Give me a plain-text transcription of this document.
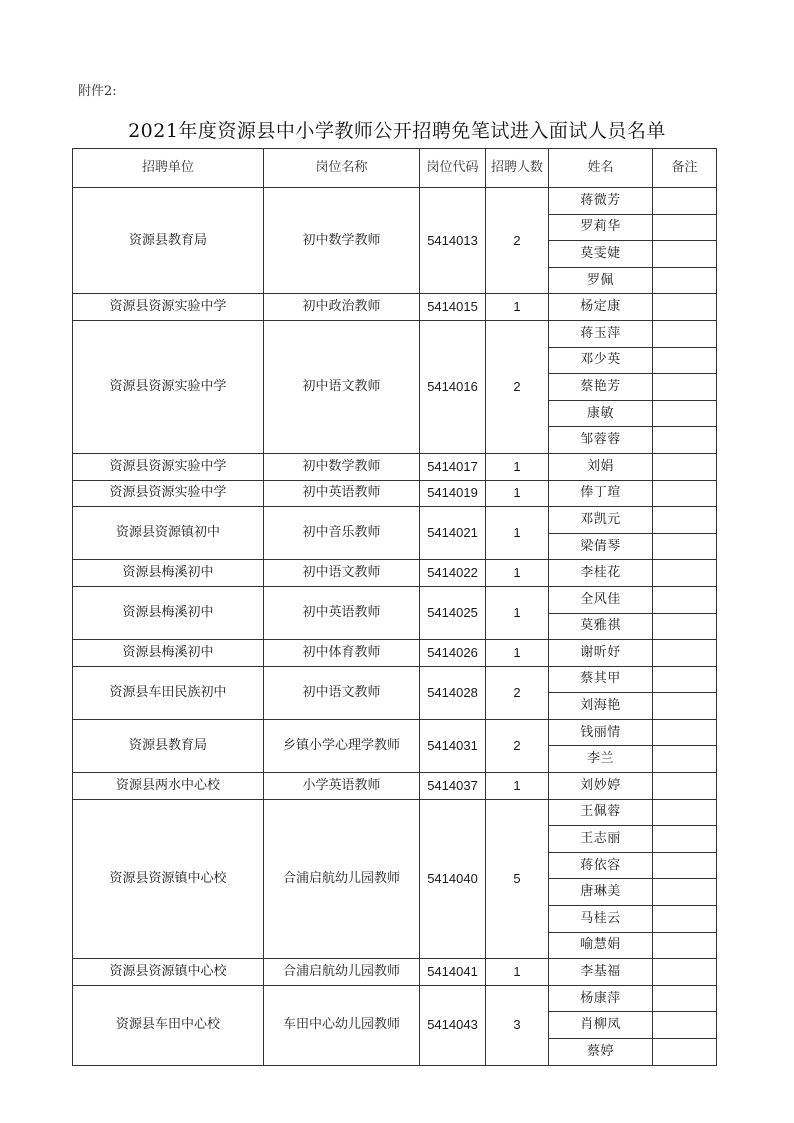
附件2:
2021年度资源县中小学教师公开招聘免笔试进入面试人员名单
招聘单位	岗位名称	岗位代码	招聘人数	姓名	备注
资源县教育局	初中数学教师	5414013	2	蒋微芳	
				罗莉华	
				莫雯婕	
				罗佩	
资源县资源实验中学	初中政治教师	5414015	1	杨定康	
资源县资源实验中学	初中语文教师	5414016	2	蒋玉萍	
				邓少英	
				蔡艳芳	
				康敏	
				邹蓉蓉	
资源县资源实验中学	初中数学教师	5414017	1	刘娟	
资源县资源实验中学	初中英语教师	5414019	1	俸丁瑄	
资源县资源镇初中	初中音乐教师	5414021	1	邓凯元	
				梁倩琴	
资源县梅溪初中	初中语文教师	5414022	1	李桂花	
资源县梅溪初中	初中英语教师	5414025	1	全风佳	
				莫雅祺	
资源县梅溪初中	初中体育教师	5414026	1	谢昕妤	
资源县车田民族初中	初中语文教师	5414028	2	蔡其甲	
				刘海艳	
资源县教育局	乡镇小学心理学教师	5414031	2	钱丽情	
				李兰	
资源县两水中心校	小学英语教师	5414037	1	刘妙婷	
资源县资源镇中心校	合浦启航幼儿园教师	5414040	5	王佩蓉	
				王志丽	
				蒋依容	
				唐琳美	
				马桂云	
				喻慧娟	
资源县资源镇中心校	合浦启航幼儿园教师	5414041	1	李基福	
资源县车田中心校	车田中心幼儿园教师	5414043	3	杨康萍	
				肖柳凤	
				蔡婷	
